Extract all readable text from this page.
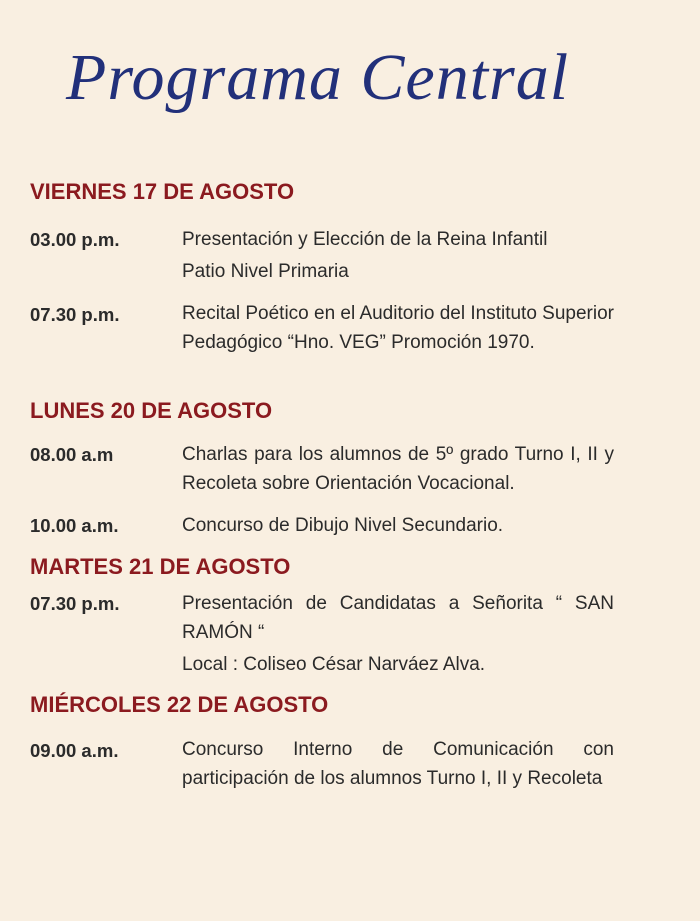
Programa Central
VIERNES 17 DE AGOSTO
03.00 p.m.	Presentación y Elección de la Reina Infantil
Patio Nivel Primaria
07.30 p.m.	Recital Poético en el Auditorio del Instituto Superior Pedagógico “Hno. VEG” Promoción 1970.
LUNES 20 DE AGOSTO
08.00 a.m	Charlas para los alumnos de 5º grado Turno I, II y Recoleta sobre Orientación Vocacional.
10.00 a.m.	Concurso de Dibujo Nivel Secundario.
MARTES 21 DE AGOSTO
07.30 p.m.	Presentación de Candidatas a Señorita “ SAN RAMÓN “
Local : Coliseo César Narváez Alva.
MIÉRCOLES 22 DE AGOSTO
09.00 a.m.	Concurso Interno de Comunicación con participación de los alumnos Turno I, II y Recoleta
